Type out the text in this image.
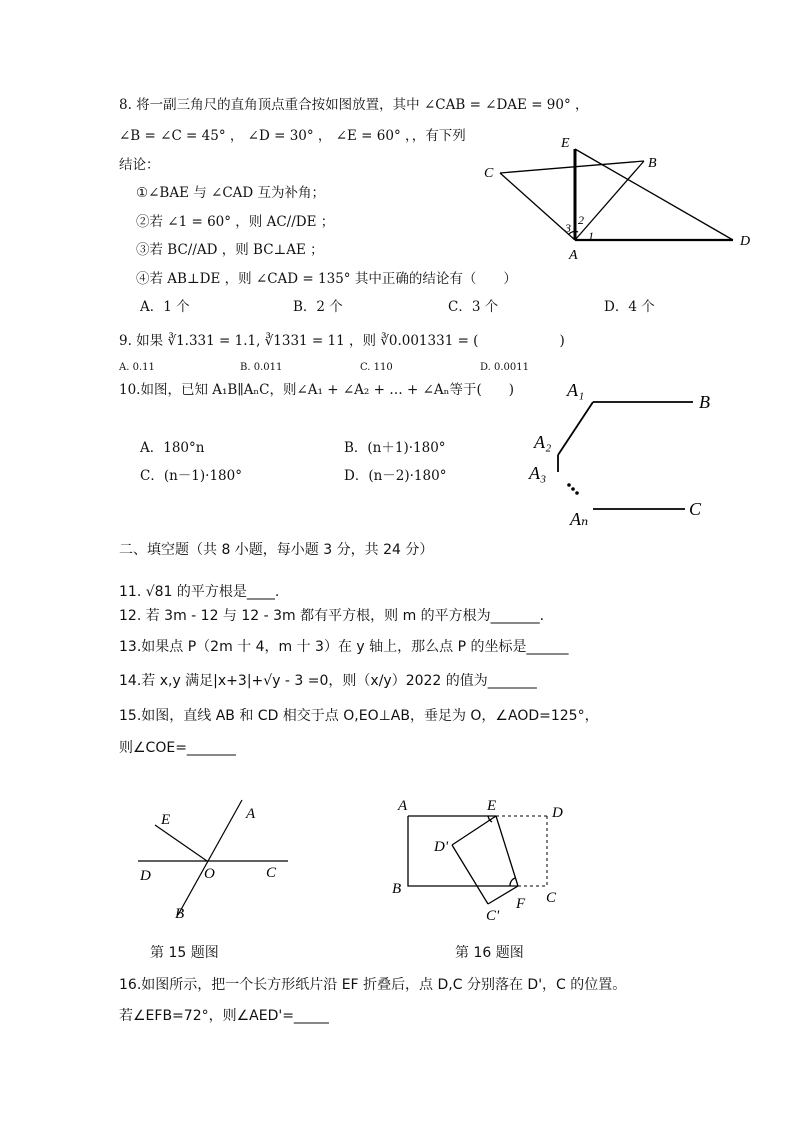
8. 将一副三角尺的直角顶点重合按如图放置，其中 ∠CAB = ∠DAE = 90° ，
∠B = ∠C = 45° ， ∠D = 30° ， ∠E = 60° ，，有下列
结论：
①∠BAE 与 ∠CAD 互为补角；
②若 ∠1 = 60° ，则 AC//DE ；
③若 BC//AD ，则 BC⊥AE ；
④若 AB⊥DE ，则 ∠CAD = 135° 其中正确的结论有（　　）
A．1 个	B．2 个	C．3 个	D．4 个
E
B
C
A
D
1
2
3
9. 如果 ∛1.331 = 1.1, ∛1331 = 11 ，则 ∛0.001331 = (　　　　　　)
A. 0.11	B. 0.011	C. 110	D. 0.0011
10.如图，已知 A₁B∥AₙC，则∠A₁ + ∠A₂ + … + ∠Aₙ等于(　　)
A．180°n	B．(n＋1)·180°
C．(n－1)·180°	D．(n－2)·180°
A₁
B
A₂
A₃
Aₙ	C
二、填空题（共 8 小题，每小题 3 分，共 24 分）
11. √81 的平方根是____.
12. 若 3m - 12 与 12 - 3m 都有平方根，则 m 的平方根为_______.
13.如果点 P（2m 十 4，m 十 3）在 y 轴上，那么点 P 的坐标是______
14.若 x,y 满足|x+3|+√y - 3 =0，则（x/y）2022 的值为_______
15.如图，直线 AB 和 CD 相交于点 O,EO⊥AB，垂足为 O，∠AOD=125°，
则∠COE=_______
E	A
D	O	C
B
A	E	D
D'
B
F C
C'
第 15 题图	第 16 题图
16.如图所示，把一个长方形纸片沿 EF 折叠后，点 D,C 分别落在 D'，C 的位置。
若∠EFB=72°，则∠AED'=_____
